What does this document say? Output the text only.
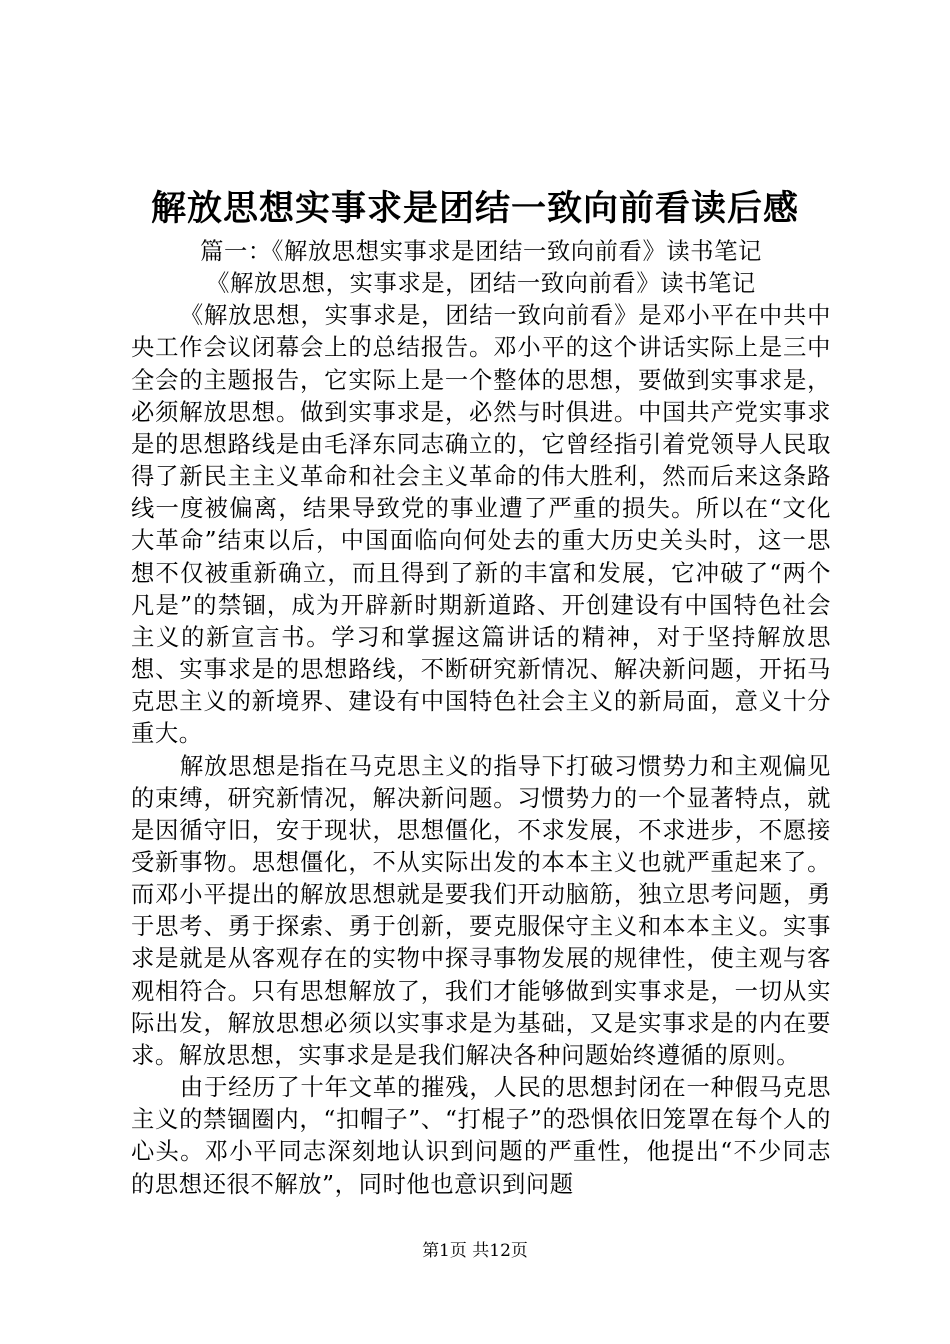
解放思想实事求是团结一致向前看读后感
篇一：《解放思想实事求是团结一致向前看》读书笔记
《解放思想，实事求是，团结一致向前看》读书笔记

《解放思想，实事求是，团结一致向前看》是邓小平在中共中央工作会议闭幕会上的总结报告。邓小平的这个讲话实际上是三中全会的主题报告，它实际上是一个整体的思想，要做到实事求是，必须解放思想。做到实事求是，必然与时俱进。中国共产党实事求是的思想路线是由毛泽东同志确立的，它曾经指引着党领导人民取得了新民主主义革命和社会主义革命的伟大胜利，然而后来这条路线一度被偏离，结果导致党的事业遭了严重的损失。所以在“文化大革命”结束以后，中国面临向何处去的重大历史关头时，这一思想不仅被重新确立，而且得到了新的丰富和发展，它冲破了“两个凡是”的禁锢，成为开辟新时期新道路、开创建设有中国特色社会主义的新宣言书。学习和掌握这篇讲话的精神，对于坚持解放思想、实事求是的思想路线，不断研究新情况、解决新问题，开拓马克思主义的新境界、建设有中国特色社会主义的新局面，意义十分重大。

解放思想是指在马克思主义的指导下打破习惯势力和主观偏见的束缚，研究新情况，解决新问题。习惯势力的一个显著特点，就是因循守旧，安于现状，思想僵化，不求发展，不求进步，不愿接受新事物。思想僵化，不从实际出发的本本主义也就严重起来了。而邓小平提出的解放思想就是要我们开动脑筋，独立思考问题，勇于思考、勇于探索、勇于创新，要克服保守主义和本本主义。实事求是就是从客观存在的实物中探寻事物发展的规律性，使主观与客观相符合。只有思想解放了，我们才能够做到实事求是，一切从实际出发，解放思想必须以实事求是为基础，又是实事求是的内在要求。解放思想，实事求是是我们解决各种问题始终遵循的原则。

由于经历了十年文革的摧残，人民的思想封闭在一种假马克思主义的禁锢圈内，“扣帽子”、“打棍子”的恐惧依旧笼罩在每个人的心头。邓小平同志深刻地认识到问题的严重性，他提出“不少同志的思想还很不解放”，同时他也意识到问题

第1页 共12页
